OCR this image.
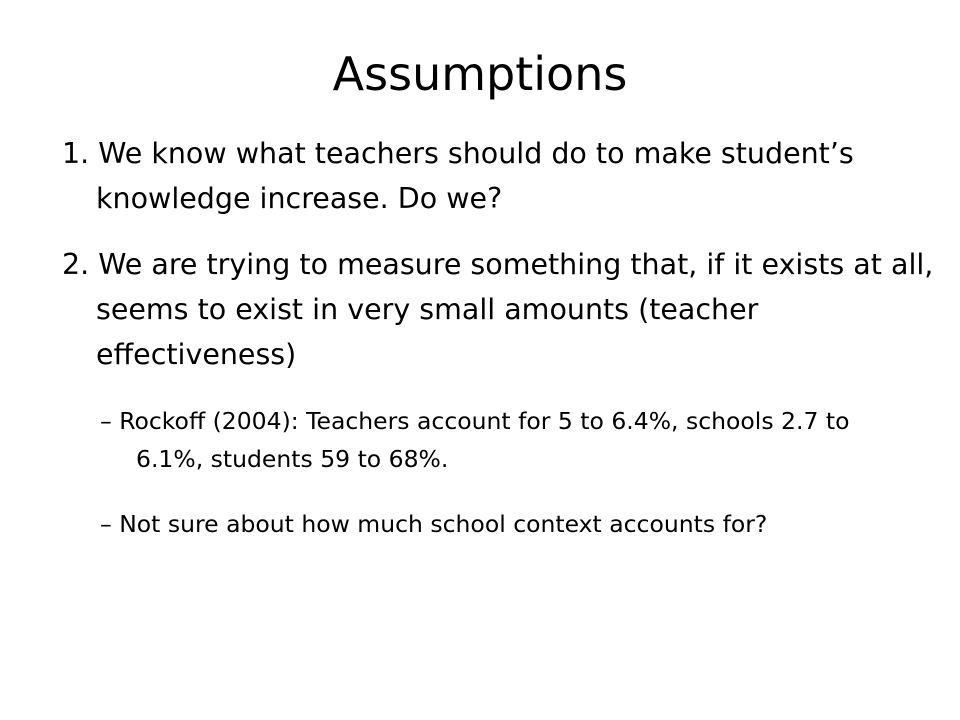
Assumptions

1. We know what teachers should do to make student’s knowledge increase. Do we?

2. We are trying to measure something that, if it exists at all, seems to exist in very small amounts (teacher effectiveness)

– Rockoff (2004): Teachers account for 5 to 6.4%, schools 2.7 to 6.1%, students 59 to 68%.

– Not sure about how much school context accounts for?
